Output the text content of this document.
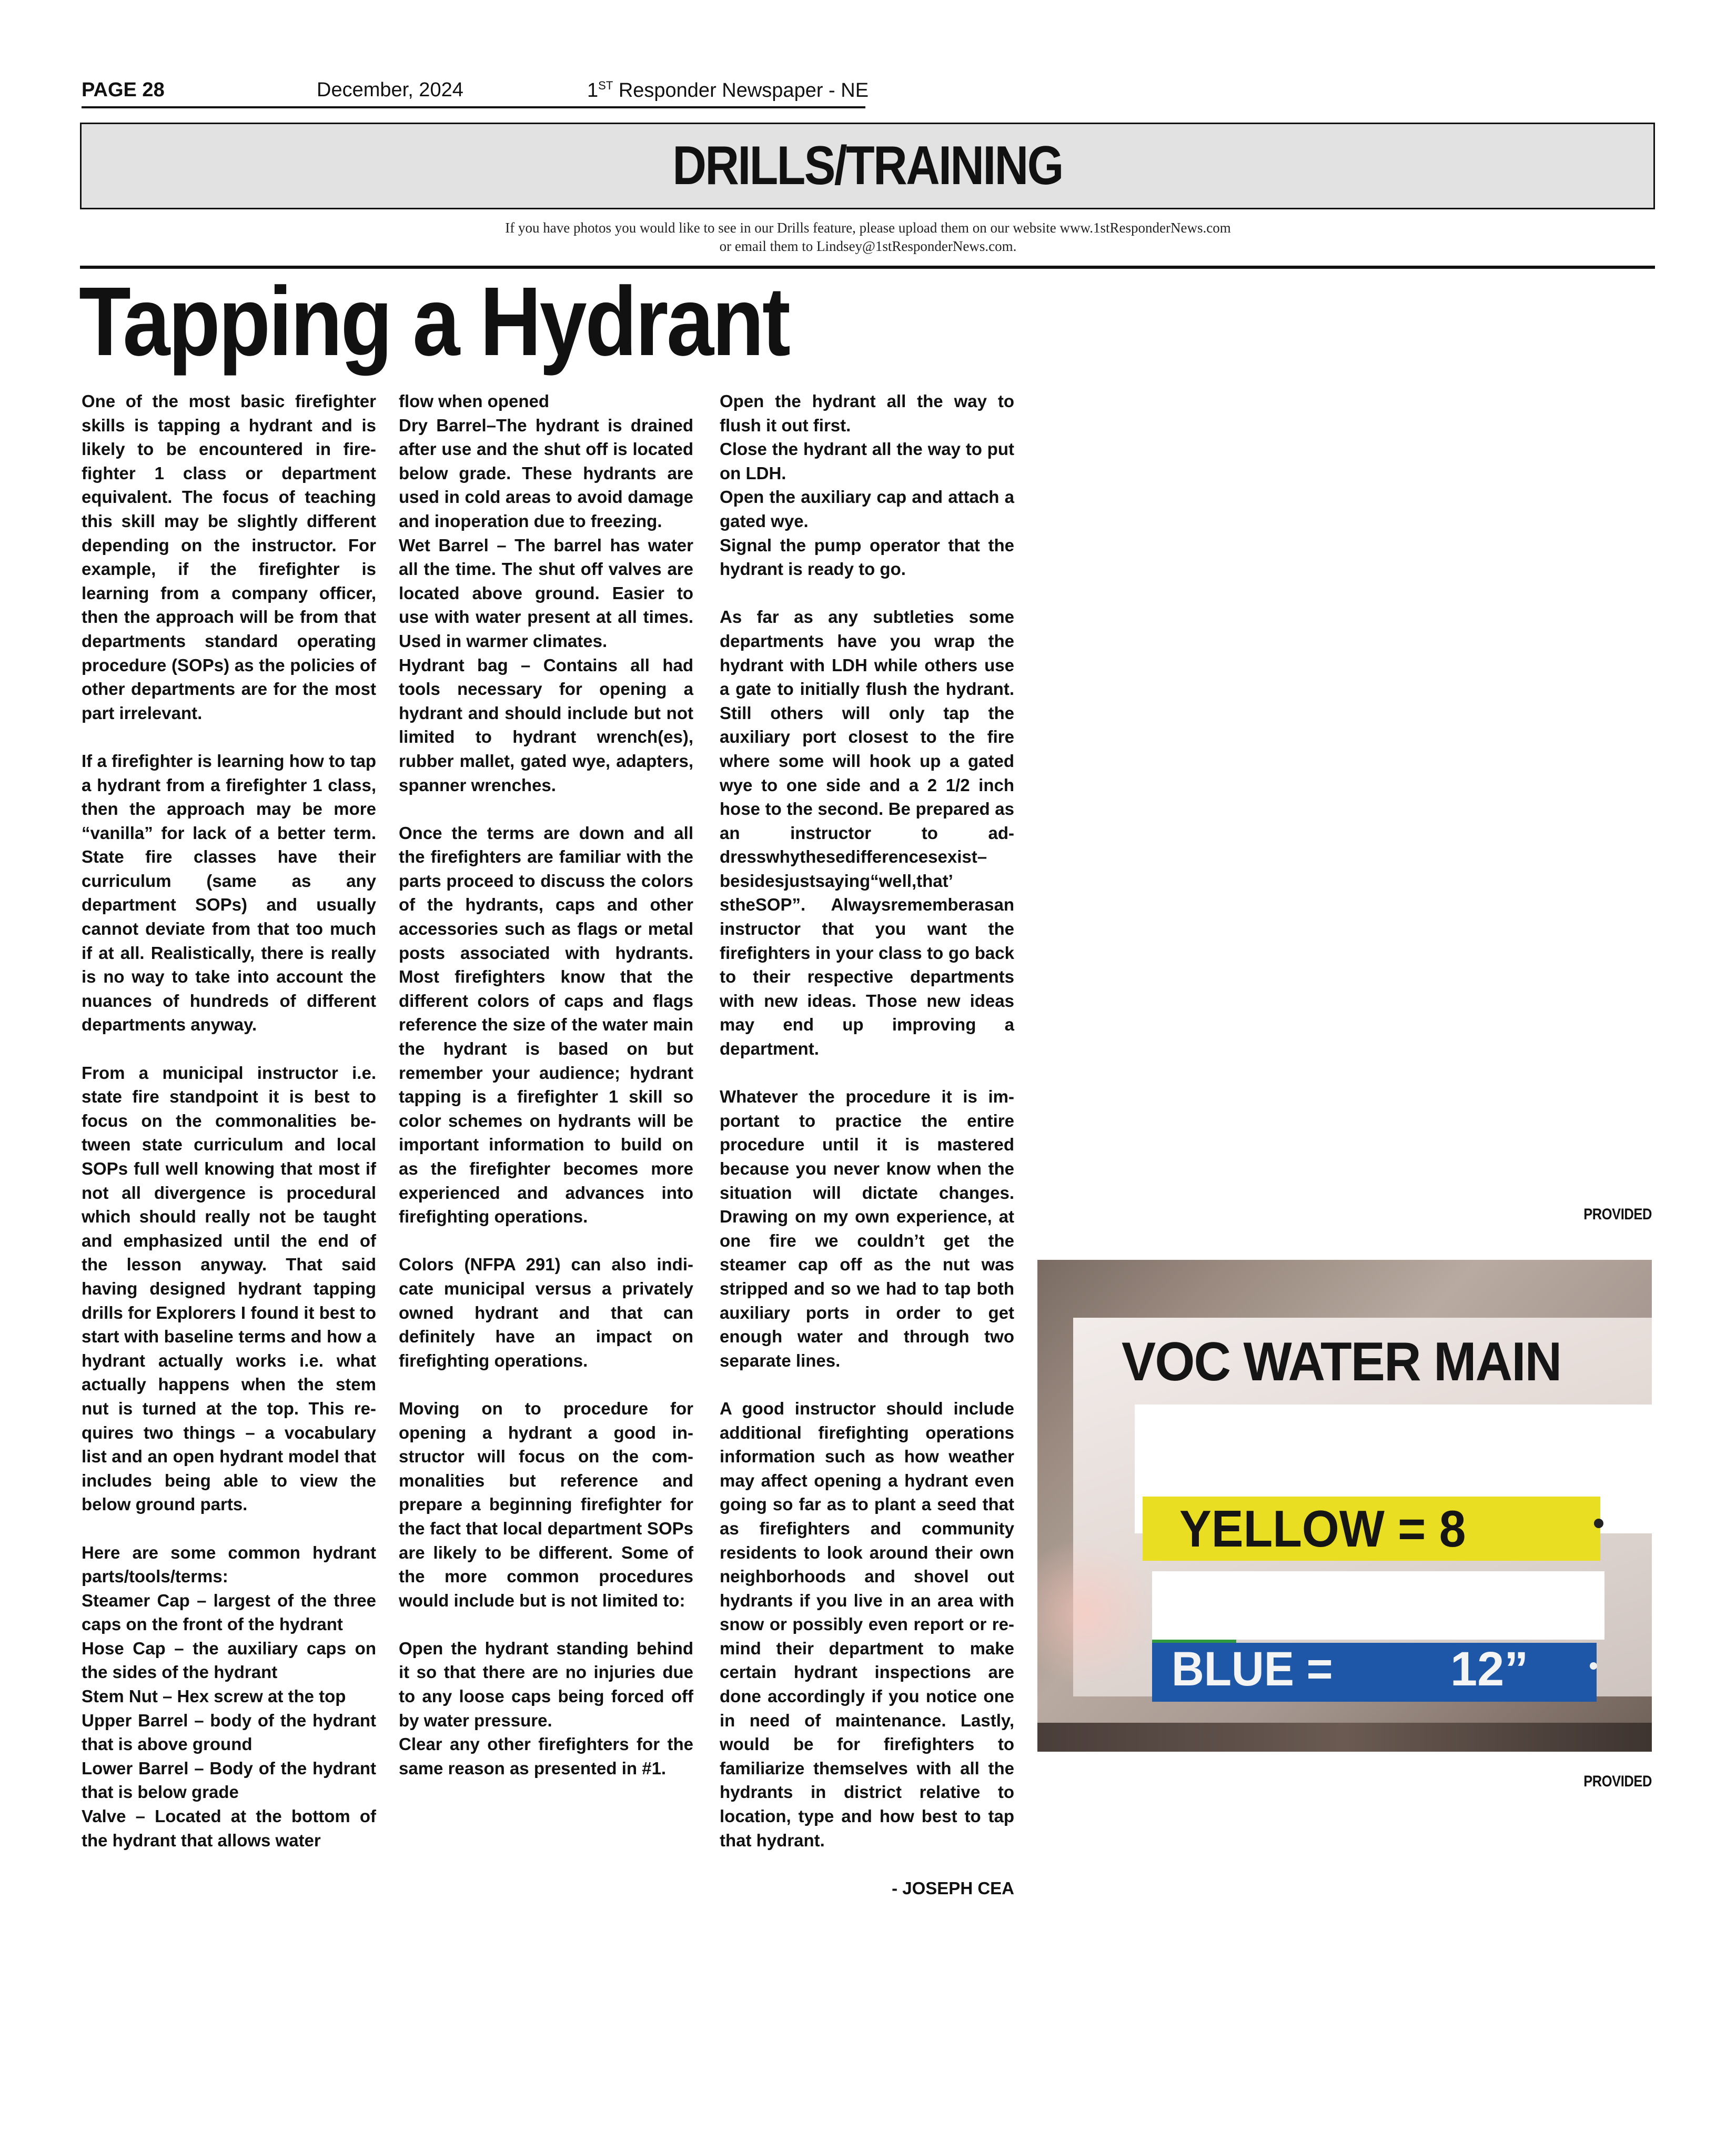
PAGE 28	December, 2024	1ST Responder Newspaper - NE
DRILLS/TRAINING
If you have photos you would like to see in our Drills feature, please upload them on our website www.1stResponderNews.com
or email them to Lindsey@1stResponderNews.com.
Tapping a Hydrant

One of the most basic firefighter skills is tapping a hydrant and is likely to be encountered in firefighter 1 class or department equivalent. The focus of teaching this skill may be slightly different depending on the instructor. For example, if the firefighter is learning from a company officer, then the approach will be from that departments standard operating procedure (SOPs) as the policies of other departments are for the most part irrelevant.

If a firefighter is learning how to tap a hydrant from a firefighter 1 class, then the approach may be more “vanilla” for lack of a better term. State fire classes have their curriculum (same as any department SOPs) and usually cannot deviate from that too much if at all. Realistically, there is really is no way to take into account the nuances of hundreds of different departments anyway.

From a municipal instructor i.e. state fire standpoint it is best to focus on the commonalities between state curriculum and local SOPs full well knowing that most if not all divergence is procedural which should really not be taught and emphasized until the end of the lesson anyway. That said having designed hydrant tapping drills for Explorers I found it best to start with baseline terms and how a hydrant actually works i.e. what actually happens when the stem nut is turned at the top. This requires two things – a vocabulary list and an open hydrant model that includes being able to view the below ground parts.

Here are some common hydrant parts/tools/terms:

Steamer Cap – largest of the three caps on the front of the hydrant

Hose Cap – the auxiliary caps on the sides of the hydrant

Stem Nut – Hex screw at the top

Upper Barrel – body of the hydrant that is above ground

Lower Barrel – Body of the hydrant that is below grade

Valve – Located at the bottom of the hydrant that allows water

flow when opened

Dry Barrel–The hydrant is drained after use and the shut off is located below grade. These hydrants are used in cold areas to avoid damage and inoperation due to freezing.

Wet Barrel – The barrel has water all the time. The shut off valves are located above ground. Easier to use with water present at all times. Used in warmer climates.

Hydrant bag – Contains all had tools necessary for opening a hydrant and should include but not limited to hydrant wrench(es), rubber mallet, gated wye, adapters, spanner wrenches.

Once the terms are down and all the firefighters are familiar with the parts proceed to discuss the colors of the hydrants, caps and other accessories such as flags or metal posts associated with hydrants. Most firefighters know that the different colors of caps and flags reference the size of the water main the hydrant is based on but remember your audience; hydrant tapping is a firefighter 1 skill so color schemes on hydrants will be important information to build on as the firefighter becomes more experienced and advances into firefighting operations.

Colors (NFPA 291) can also indicate municipal versus a privately owned hydrant and that can definitely have an impact on firefighting operations.

Moving on to procedure for opening a hydrant a good instructor will focus on the commonalities but reference and prepare a beginning firefighter for the fact that local department SOPs are likely to be different. Some of the more common procedures would include but is not limited to:

Open the hydrant standing behind it so that there are no injuries due to any loose caps being forced off by water pressure.

Clear any other firefighters for the same reason as presented in #1.

Open the hydrant all the way to flush it out first.

Close the hydrant all the way to put on LDH.

Open the auxiliary cap and attach a gated wye.

Signal the pump operator that the hydrant is ready to go.

As far as any subtleties some departments have you wrap the hydrant with LDH while others use a gate to initially flush the hydrant. Still others will only tap the auxiliary port closest to the fire where some will hook up a gated wye to one side and a 2 1/2 inch hose to the second. Be prepared as an instructor to addresswhythesedifferencesexist–besidesjustsaying“well,that’ stheSOP”. Alwaysrememberasan instructor that you want the firefighters in your class to go back to their respective departments with new ideas. Those new ideas may end up improving a department.

Whatever the procedure it is important to practice the entire procedure until it is mastered because you never know when the situation will dictate changes. Drawing on my own experience, at one fire we couldn’t get the steamer cap off as the nut was stripped and so we had to tap both auxiliary ports in order to get enough water and through two separate lines.

A good instructor should include additional firefighting operations information such as how weather may affect opening a hydrant even going so far as to plant a seed that as firefighters and community residents to look around their own neighborhoods and shovel out hydrants if you live in an area with snow or possibly even report or remind their department to make certain hydrant inspections are done accordingly if you notice one in need of maintenance. Lastly, would be for firefighters to familiarize themselves with all the hydrants in district relative to location, type and how best to tap that hydrant.

- JOSEPH CEA

PROVIDED
VOC WATER MAIN
YELLOW = 8
BLUE = 12”
PROVIDED
